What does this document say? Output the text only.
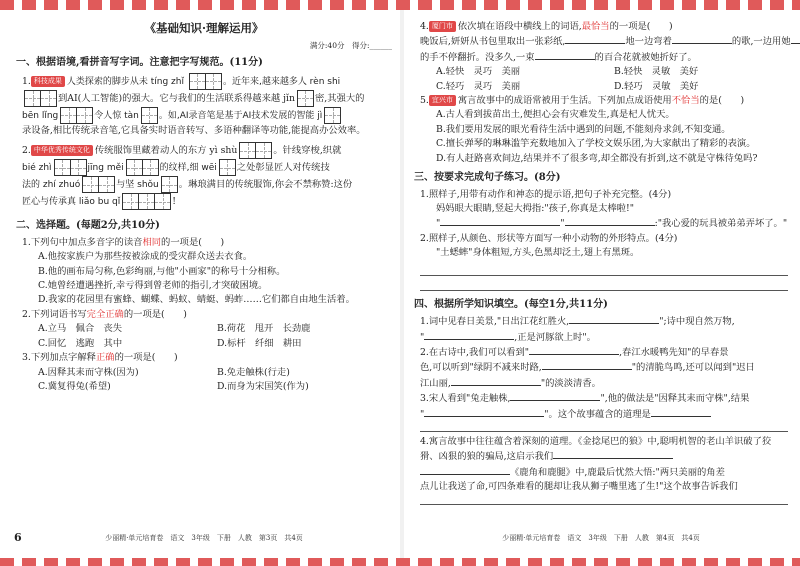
《基础知识·理解运用》
满分:40分　得分:______
一、根据语境,看拼音写字词。注意把字写规范。(11分)
1. 科技成果 人类探索的脚步从未 tíng zhǐ	。近年来,越来越多人 rèn shi
到AI(人工智能)的强大。它与我们的生活联系得越来越 jǐn 密,其强大的
bēn lǐng	令人惊 tàn 。如,AI录音笔是基于AI技术发展的智能 jì
录设备,相比传统录音笔,它具备实时语音转写、多语种翻译等功能,能提高办公效率。
2. 中华优秀传统文化 传统服饰里藏着动人的东方 yì shù	。针线穿梭,织就
bié zhì	jīng měi	的纹样,细 wēi 之处彰显匠人对传统技
法的 zhí zhuó	与坚 shǒu 。琳琅满目的传统服饰,你会不禁称赞:这份
匠心与传承真 liǎo bu qǐ	!
二、选择题。(每题2分,共10分)
1.下列句中加点多音字的读音相同的一项是(　　)
A.他按家族户为那些按被涂成的受灾群众送去衣食。
B.他的画布局匀称,色彩绚丽,与他"小画家"的称号十分相称。
C.她曾经遭遇挫折,幸亏得到曾老师的指引,才突破困境。
D.我家的花园里有蜜蜂、蝴蝶、蚂蚁、蜻蜓、蚂蚱……它们都自由地生活着。
2.下列词语书写完全正确的一项是(　　)
A.立马　佩合　丧失	B.荷花　甩开　长劲鹿
C.回忆　逃跑　其中	D.标杆　纤细　耕田
3.下列加点字解释正确的一项是(　　)
A.因释其耒而守株(因为)	B.免走触株(行走)
C.冀复得兔(希望)	D.而身为宋国笑(作为)
6	少丽精·单元培育卷　语文　3年级　下册　人教　第3页　共4页
4. 厦门市 依次填在语段中横线上的词语,最恰当的一项是(　　)
晚饭后,妍妍从书包里取出一张彩纸,	地一边弯着	的歌,一边用她
的手不停翻折。没多久,一束	的百合花就被她折好了。
A.轻快　灵巧　美丽	B.轻快　灵敏　美好
C.轻巧　灵巧　美丽	D.轻巧　灵敏　美好
5. 宜兴市 寓言故事中的成语常被用于生活。下列加点成语使用不恰当的是(　　)
A.古人看到拔苗出土,便担心会有灾难发生,真是杞人忧天。
B.我们要用发展的眼光看待生活中遇到的问题,不能刻舟求剑,不知变通。
C.擅长弹琴的琳琳滥竽充数地加入了学校文娱乐团,为大家献出了精彩的表演。
D.有人赶路喜欢间边,结果并不了很多弯,却全都没有折到,这不就是守株待兔吗?
三、按要求完成句子练习。(8分)
1.照样子,用带有动作和神态的提示语,把句子补充完整。(4分)
妈妈眼大眼睛,竖起大拇指:"孩子,你真是太棒啦!"
"	"	:"我心爱的玩具被弟弟弄坏了。"
2.照样子,从颜色、形状等方面写一种小动物的外形特点。(4分)
"土蟋蟀"身体粗短,方头,色黑却泛土,翅上有黑斑。
四、根据所学知识填空。(每空1分,共11分)
1.词中见春日美景,"日出江花红胜火,	";诗中现自然万物,
"	,正是河豚欲上时"。
2.在古诗中,我们可以看到"	,春江水暖鸭先知"的早春景
色,可以听到"绿阴不减来时路,	"的清脆鸟鸣,还可以闻到"迟日
江山丽,	"的淡淡清香。
3.宋人看到"兔走触株,	",他的做法是"因释其耒而守株",结果
"	"。这个故事蕴含的道理是
4.寓言故事中往往蕴含着深刻的道理。《金捻尾巴的狼》中,聪明机智的老山羊识破了狡
猾、凶狠的狼的骗局,这启示我们
《鹿角和鹿腿》中,鹿最后忧然大悟:"两只美丽的角差
点儿让我送了命,可四条难看的腿却让我从狮子嘴里逃了生!"这个故事告诉我们
少丽精·单元培育卷　语文　3年级　下册　人教　第4页　共4页
